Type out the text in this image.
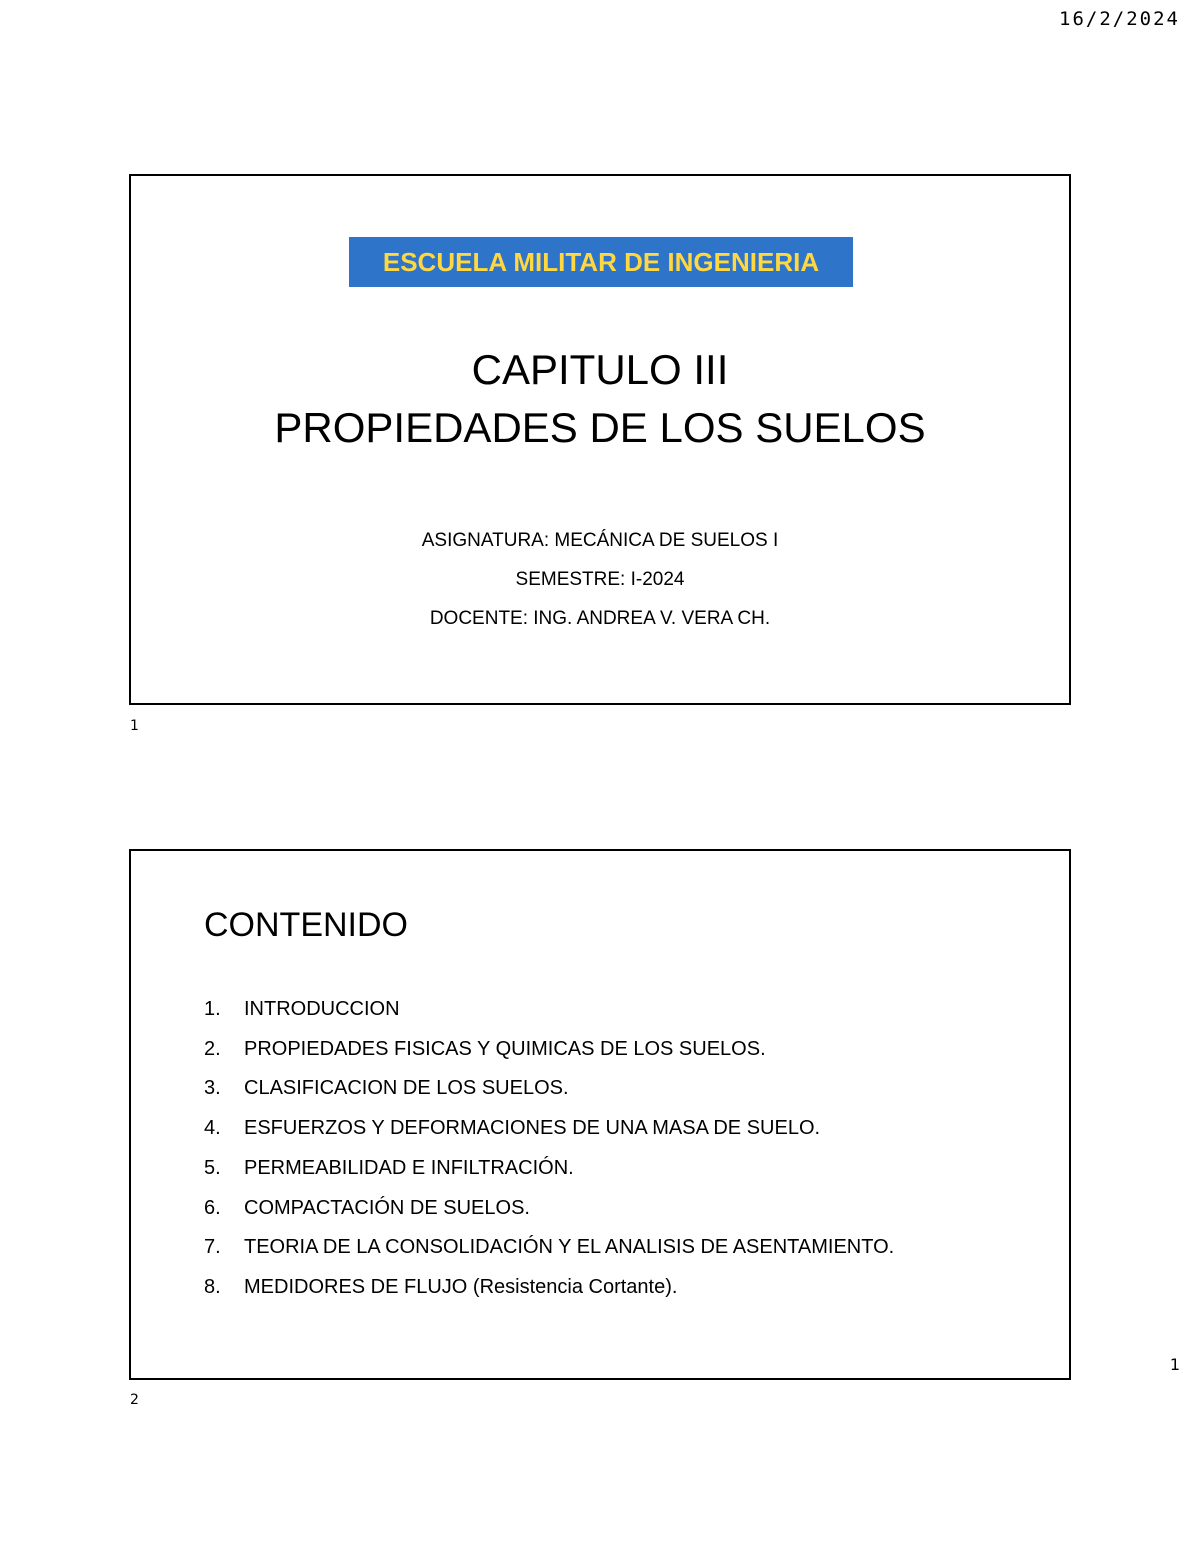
16/2/2024
ESCUELA MILITAR DE INGENIERIA
CAPITULO III
PROPIEDADES DE LOS SUELOS
ASIGNATURA: MECÁNICA DE SUELOS I
SEMESTRE: I-2024
DOCENTE: ING. ANDREA V. VERA CH.
1
CONTENIDO
1.	INTRODUCCION
2.	PROPIEDADES FISICAS Y QUIMICAS DE LOS SUELOS.
3.	CLASIFICACION DE LOS SUELOS.
4.	ESFUERZOS Y DEFORMACIONES DE UNA MASA DE SUELO.
5.	PERMEABILIDAD E INFILTRACIÓN.
6.	COMPACTACIÓN DE SUELOS.
7.	TEORIA DE LA CONSOLIDACIÓN Y EL ANALISIS DE ASENTAMIENTO.
8.	MEDIDORES DE FLUJO (Resistencia Cortante).
2
1
